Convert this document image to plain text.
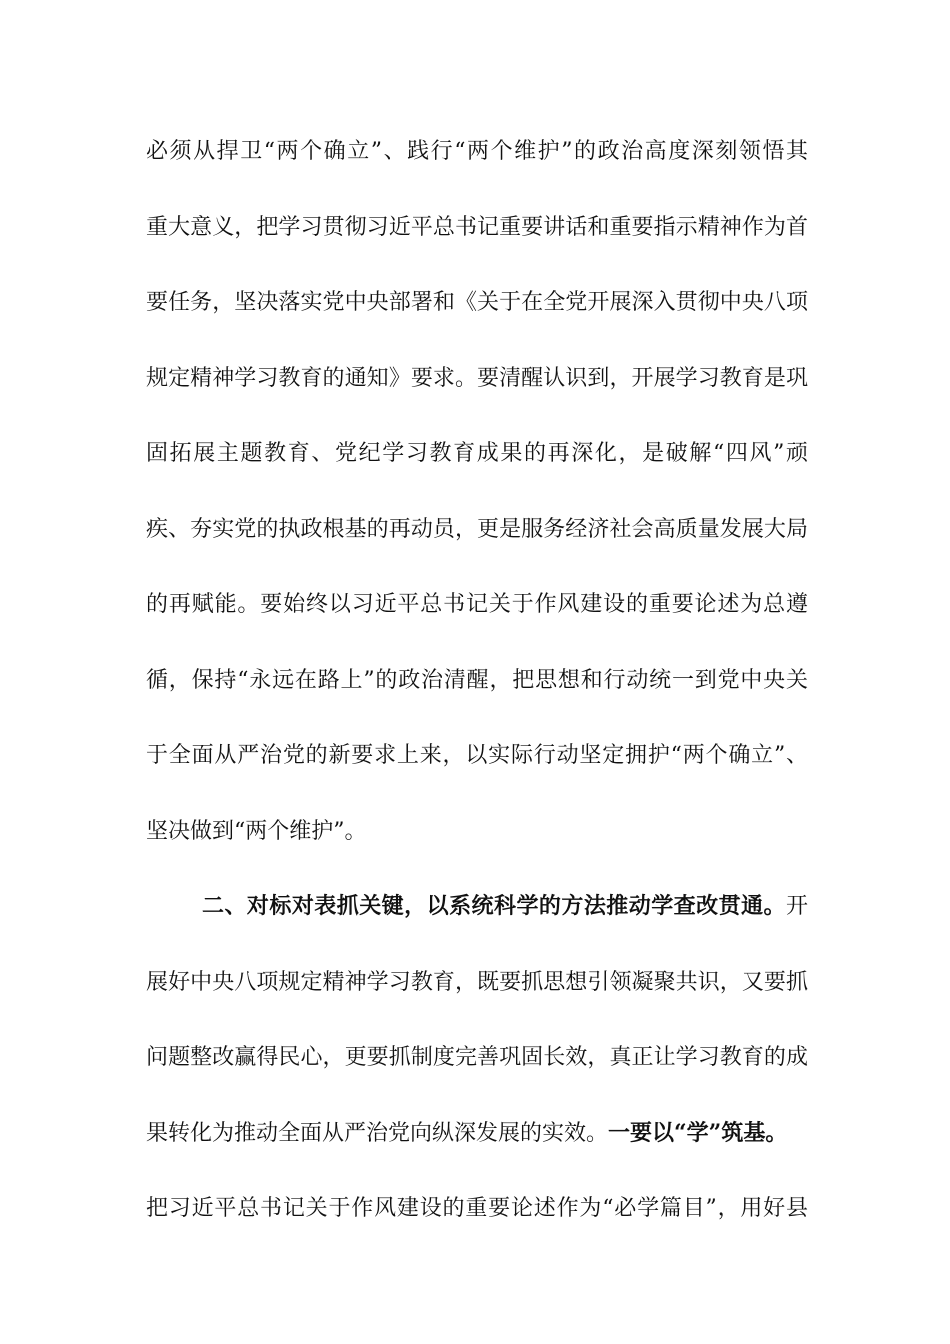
必须从捍卫“两个确立”、践行“两个维护”的政治高度深刻领悟其
重大意义，把学习贯彻习近平总书记重要讲话和重要指示精神作为首
要任务，坚决落实党中央部署和《关于在全党开展深入贯彻中央八项
规定精神学习教育的通知》要求。要清醒认识到，开展学习教育是巩
固拓展主题教育、党纪学习教育成果的再深化，是破解“四风”顽
疾、夯实党的执政根基的再动员，更是服务经济社会高质量发展大局
的再赋能。要始终以习近平总书记关于作风建设的重要论述为总遵
循，保持“永远在路上”的政治清醒，把思想和行动统一到党中央关
于全面从严治党的新要求上来，以实际行动坚定拥护“两个确立”、
坚决做到“两个维护”。
二、对标对表抓关键，以系统科学的方法推动学查改贯通。开
展好中央八项规定精神学习教育，既要抓思想引领凝聚共识，又要抓
问题整改赢得民心，更要抓制度完善巩固长效，真正让学习教育的成
果转化为推动全面从严治党向纵深发展的实效。一要以“学”筑基。
把习近平总书记关于作风建设的重要论述作为“必学篇目”，用好县
